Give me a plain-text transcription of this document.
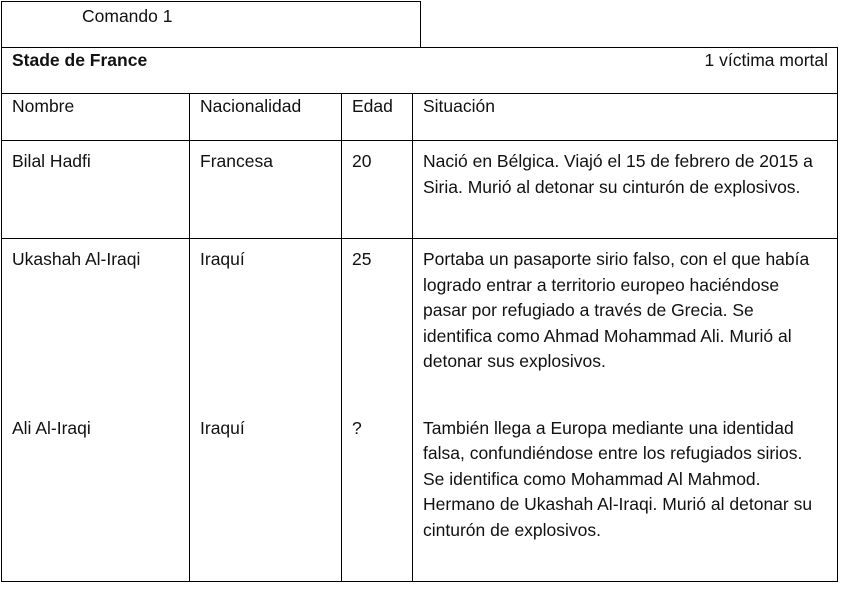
Comando 1
Stade de France 1 víctima mortal			

Nombre	Nacionalidad	Edad	Situación
Bilal Hadfi	Francesa	20	Nació en Bélgica. Viajó el 15 de febrero de 2015 a Siria. Murió al detonar su cinturón de explosivos.
Ukashah Al-Iraqi	Iraquí	25	Portaba un pasaporte sirio falso, con el que había logrado entrar a territorio europeo haciéndose pasar por refugiado a través de Grecia. Se identifica como Ahmad Mohammad Ali. Murió al detonar sus explosivos.
Ali Al-Iraqi	Iraquí	?	También llega a Europa mediante una identidad falsa, confundiéndose entre los refugiados sirios. Se identifica como Mohammad Al Mahmod. Hermano de Ukashah Al-Iraqi. Murió al detonar su cinturón de explosivos.
